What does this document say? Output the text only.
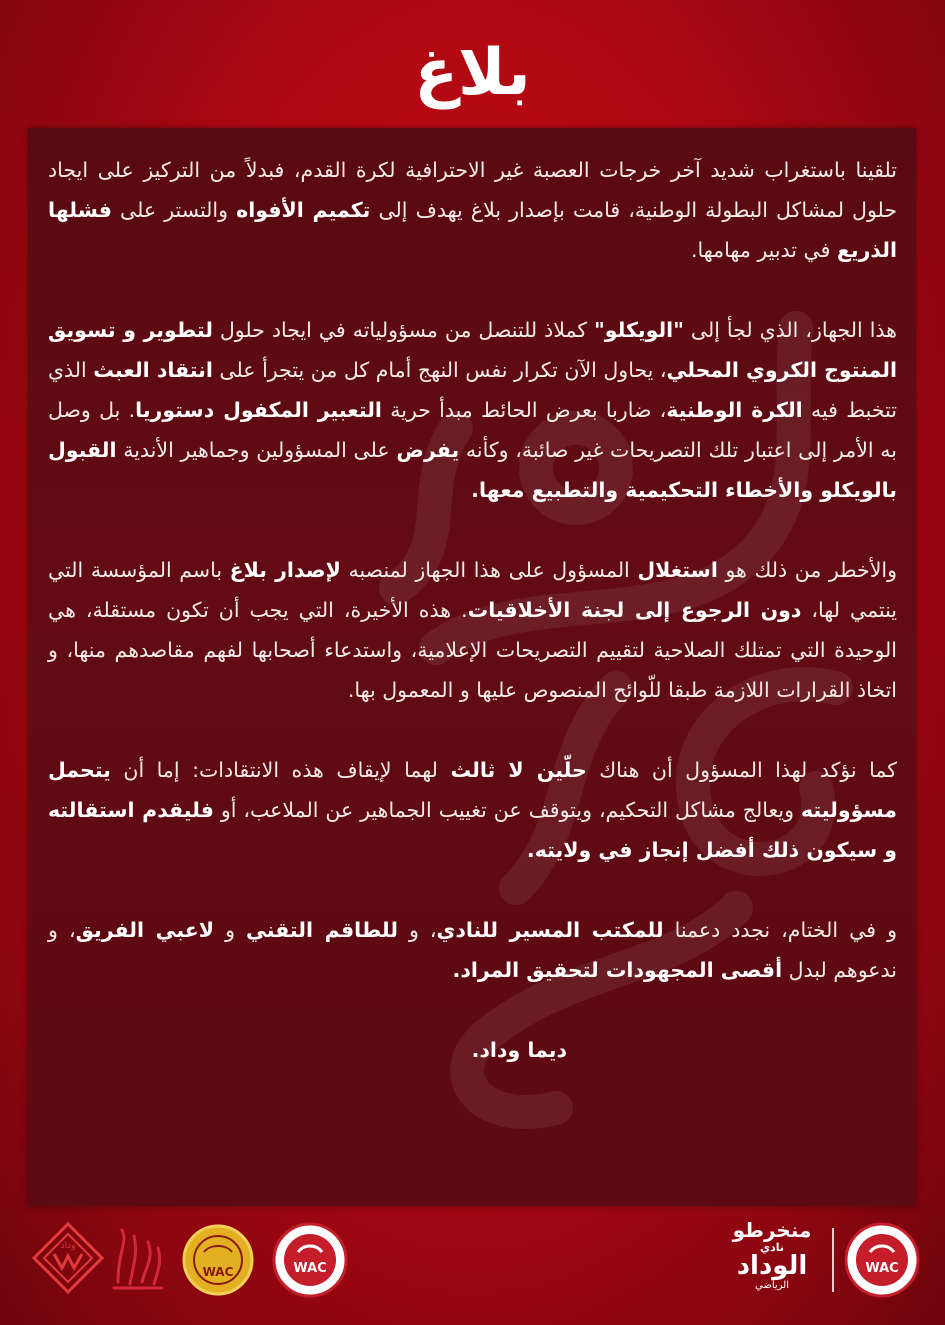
بلاغ

تلقينا باستغراب شديد آخر خرجات العصبة غير الاحترافية لكرة القدم، فبدلاً من التركيز على ايجاد حلول لمشاكل البطولة الوطنية، قامت بإصدار بلاغ يهدف إلى تكميم الأفواه والتستر على فشلها الذريع في تدبير مهامها.

هذا الجهاز، الذي لجأ إلى "الويكلو" كملاذ للتنصل من مسؤولياته في ايجاد حلول لتطوير و تسويق المنتوج الكروي المحلي، يحاول الآن تكرار نفس النهج أمام كل من يتجرأ على انتقاد العبث الذي تتخبط فيه الكرة الوطنية، ضاربا بعرض الحائط مبدأ حرية التعبير المكفول دستوريا. بل وصل به الأمر إلى اعتبار تلك التصريحات غير صائبة، وكأنه يفرض على المسؤولين وجماهير الأندية القبول بالويكلو والأخطاء التحكيمية والتطبيع معها.

والأخطر من ذلك هو استغلال المسؤول على هذا الجهاز لمنصبه لإصدار بلاغ باسم المؤسسة التي ينتمي لها، دون الرجوع إلى لجنة الأخلاقيات. هذه الأخيرة، التي يجب أن تكون مستقلة، هي الوحيدة التي تمتلك الصلاحية لتقييم التصريحات الإعلامية، واستدعاء أصحابها لفهم مقاصدهم منها، و اتخاذ القرارات اللازمة طبقا للّوائح المنصوص عليها و المعمول بها.

كما نؤكد لهذا المسؤول أن هناك حلّين لا ثالث لهما لإيقاف هذه الانتقادات: إما أن يتحمل مسؤوليته ويعالج مشاكل التحكيم، ويتوقف عن تغييب الجماهير عن الملاعب، أو فليقدم استقالته و سيكون ذلك أفضل إنجاز في ولايته.

و في الختام، نجدد دعمنا للمكتب المسير للنادي، و للطاقم التقني و لاعبي الفريق، و ندعوهم لبدل أقصى المجهودات لتحقيق المراد.

ديما وداد.

وداد
WAC	WAC
منخرطو
نادي
الوداد
الرياضي
WAC
